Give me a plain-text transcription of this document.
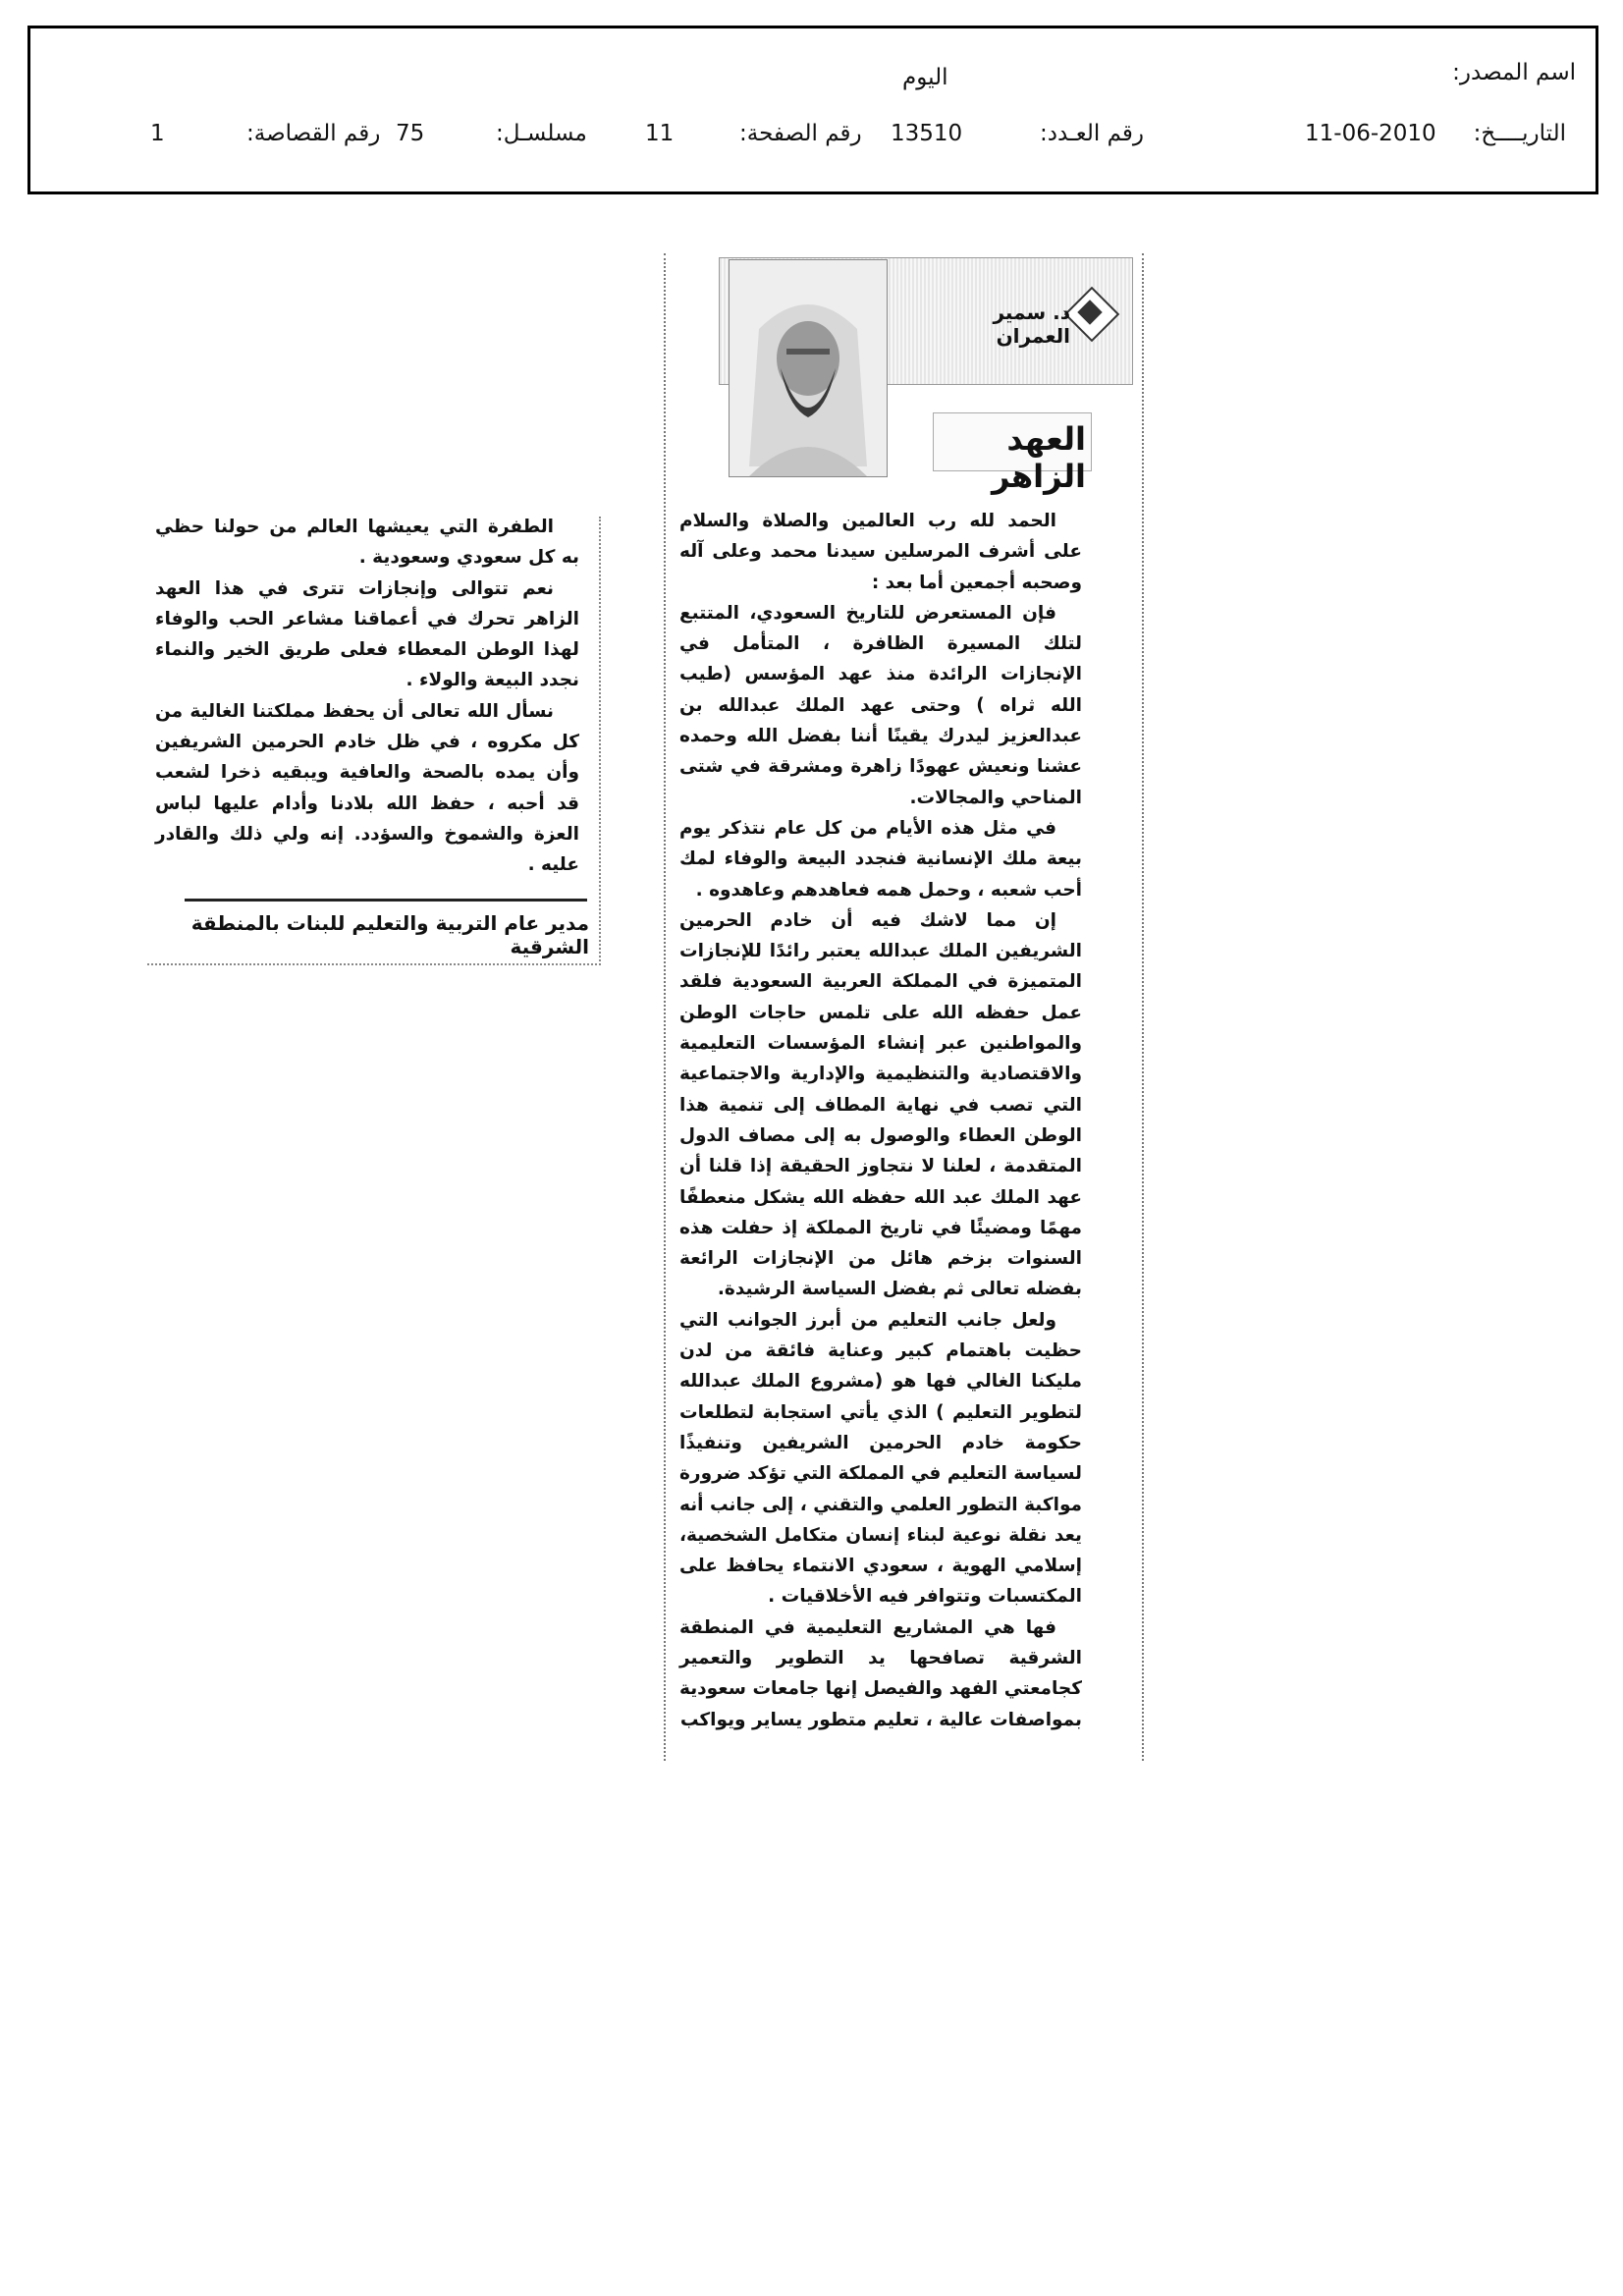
اسم المصدر:
اليوم
التاريــــخ:
11-06-2010
رقم العـدد:
13510
رقم الصفحة:
11
مسلسـل:
75
رقم القصاصة:
1
د. سمير العمران
العهد الزاهر

الحمد لله رب العالمين والصلاة والسلام على أشرف المرسلين سيدنا محمد وعلى آله وصحبه أجمعين أما بعد :

فإن المستعرض للتاريخ السعودي، المتتبع لتلك المسيرة الظافرة ، المتأمل في الإنجازات الرائدة منذ عهد المؤسس (طيب الله ثراه ) وحتى عهد الملك عبدالله بن عبدالعزيز ليدرك يقينًا أننا بفضل الله وحمده عشنا ونعيش عهودًا زاهرة ومشرقة في شتى المناحي والمجالات.

في مثل هذه الأيام من كل عام نتذكر يوم بيعة ملك الإنسانية فنجدد البيعة والوفاء لمك أحب شعبه ، وحمل همه فعاهدهم وعاهدوه .

إن مما لاشك فيه أن خادم الحرمين الشريفين الملك عبدالله يعتبر رائدًا للإنجازات المتميزة في المملكة العربية السعودية فلقد عمل حفظه الله على تلمس حاجات الوطن والمواطنين عبر إنشاء المؤسسات التعليمية والاقتصادية والتنظيمية والإدارية والاجتماعية التي تصب في نهاية المطاف إلى تنمية هذا الوطن العطاء والوصول به إلى مصاف الدول المتقدمة ، لعلنا لا نتجاوز الحقيقة إذا قلنا أن عهد الملك عبد الله حفظه الله يشكل منعطفًا مهمًا ومضيئًا في تاريخ المملكة إذ حفلت هذه السنوات بزخم هائل من الإنجازات الرائعة بفضله تعالى ثم بفضل السياسة الرشيدة.

ولعل جانب التعليم من أبرز الجوانب التي حظيت باهتمام كبير وعناية فائقة من لدن مليكنا الغالي فها هو (مشروع الملك عبدالله لتطوير التعليم ) الذي يأتي استجابة لتطلعات حكومة خادم الحرمين الشريفين وتنفيذًا لسياسة التعليم في المملكة التي تؤكد ضرورة مواكبة التطور العلمي والتقني ، إلى جانب أنه يعد نقلة نوعية لبناء إنسان متكامل الشخصية، إسلامي الهوية ، سعودي الانتماء يحافظ على المكتسبات وتتوافر فيه الأخلاقيات .

فها هي المشاريع التعليمية في المنطقة الشرقية تصافحها يد التطوير والتعمير كجامعتي الفهد والفيصل إنها جامعات سعودية بمواصفات عالية ، تعليم متطور يساير ويواكب

الطفرة التي يعيشها العالم من حولنا حظي به كل سعودي وسعودية .

نعم تتوالى وإنجازات تترى في هذا العهد الزاهر تحرك في أعماقنا مشاعر الحب والوفاء لهذا الوطن المعطاء فعلى طريق الخير والنماء نجدد البيعة والولاء .

نسأل الله تعالى أن يحفظ مملكتنا الغالية من كل مكروه ، في ظل خادم الحرمين الشريفين وأن يمده بالصحة والعافية ويبقيه ذخرا لشعب قد أحبه ، حفظ الله بلادنا وأدام عليها لباس العزة والشموخ والسؤدد. إنه ولي ذلك والقادر عليه .

مدير عام التربية والتعليم للبنات بالمنطقة الشرقية
